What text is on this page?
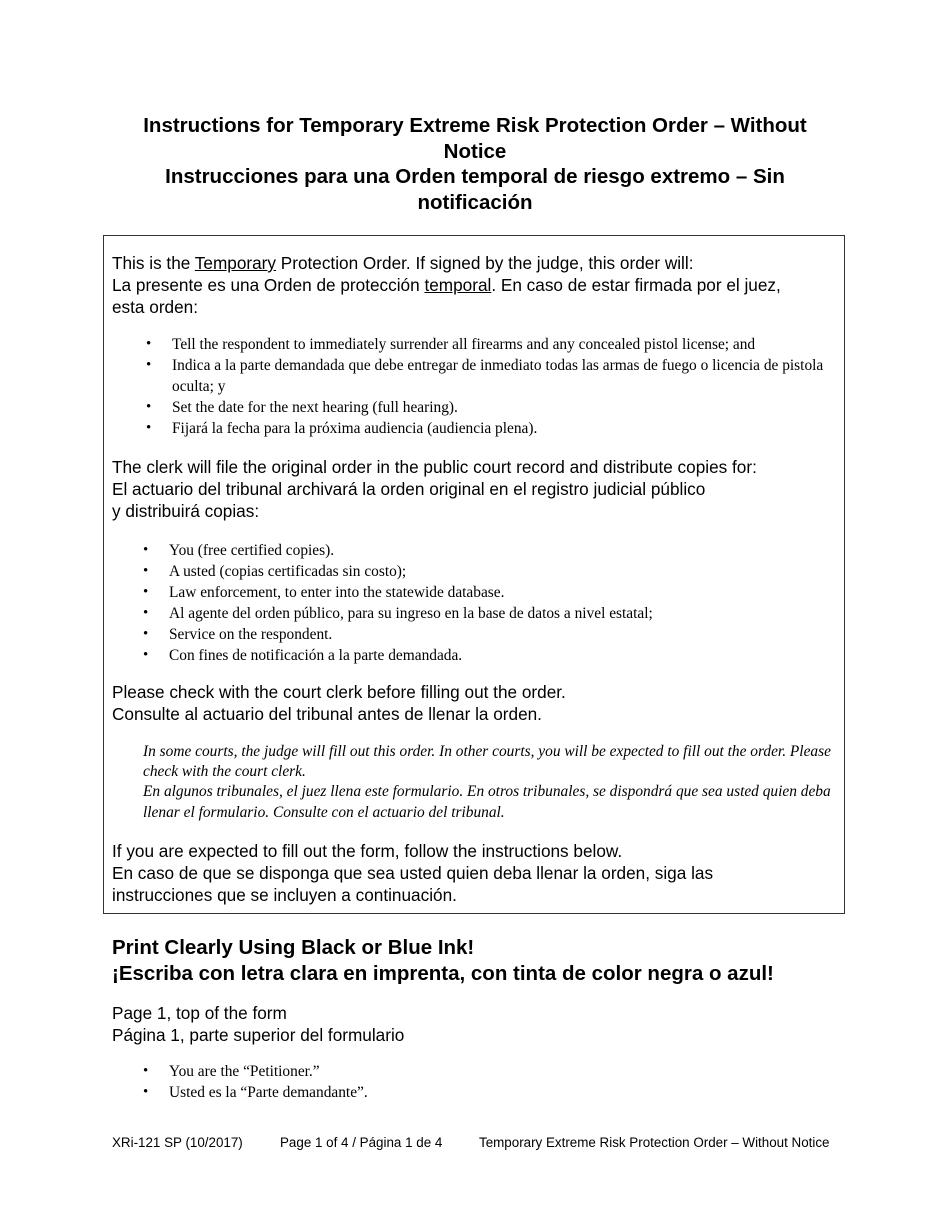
Instructions for Temporary Extreme Risk Protection Order – Without
Notice
Instrucciones para una Orden temporal de riesgo extremo – Sin
notificación
This is the Temporary Protection Order. If signed by the judge, this order will:
La presente es una Orden de protección temporal. En caso de estar firmada por el juez,
esta orden:
• Tell the respondent to immediately surrender all firearms and any concealed pistol license; and
• Indica a la parte demandada que debe entregar de inmediato todas las armas de fuego o licencia de pistola oculta; y
• Set the date for the next hearing (full hearing).
• Fijará la fecha para la próxima audiencia (audiencia plena).
The clerk will file the original order in the public court record and distribute copies for:
El actuario del tribunal archivará la orden original en el registro judicial público
y distribuirá copias:
• You (free certified copies).
• A usted (copias certificadas sin costo);
• Law enforcement, to enter into the statewide database.
• Al agente del orden público, para su ingreso en la base de datos a nivel estatal;
• Service on the respondent.
• Con fines de notificación a la parte demandada.
Please check with the court clerk before filling out the order.
Consulte al actuario del tribunal antes de llenar la orden.
In some courts, the judge will fill out this order. In other courts, you will be expected to fill out the order. Please check with the court clerk.
En algunos tribunales, el juez llena este formulario. En otros tribunales, se dispondrá que sea usted quien deba llenar el formulario. Consulte con el actuario del tribunal.
If you are expected to fill out the form, follow the instructions below.
En caso de que se disponga que sea usted quien deba llenar la orden, siga las
instrucciones que se incluyen a continuación.
Print Clearly Using Black or Blue Ink!
¡Escriba con letra clara en imprenta, con tinta de color negra o azul!
Page 1, top of the form
Página 1, parte superior del formulario
• You are the “Petitioner.”
• Usted es la “Parte demandante”.
XRi-121 SP (10/2017)	Page 1 of 4 / Página 1 de 4	Temporary Extreme Risk Protection Order – Without Notice
